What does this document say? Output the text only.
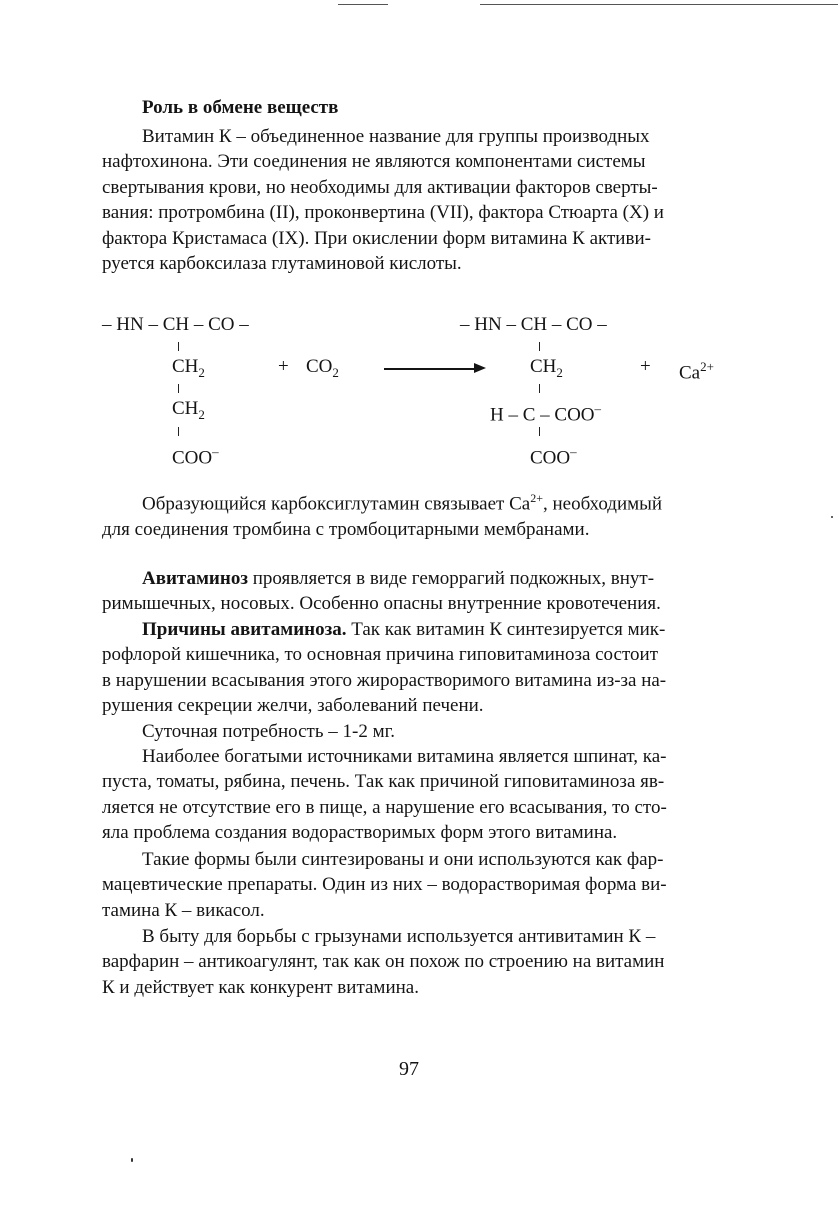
Роль в обмене веществ
Витамин К – объединенное название для группы производных
нафтохинона. Эти соединения не являются компонентами системы
свертывания крови, но необходимы для активации факторов сверты-
вания: протромбина (II), проконвертина (VII), фактора Стюарта (X) и
фактора Кристамаса (IX). При окислении форм витамина К активи-
руется карбоксилаза глутаминовой кислоты.
– HN – CH – CO –
$CH_2$
$CH_2$
COO–
+ $CO_2$
– HN – CH – CO –
$CH_2$
H – C – COO–
COO–
+ $Ca^{2+}$
Образующийся карбоксиглутамин связывает $Ca^{2+}$, необходимый
для соединения тромбина с тромбоцитарными мембранами.
Авитаминоз проявляется в виде геморрагий подкожных, внут-
римышечных, носовых. Особенно опасны внутренние кровотечения.
Причины авитаминоза. Так как витамин К синтезируется мик-
рофлорой кишечника, то основная причина гиповитаминоза состоит
в нарушении всасывания этого жирорастворимого витамина из-за на-
рушения секреции желчи, заболеваний печени.
Суточная потребность – 1-2 мг.
Наиболее богатыми источниками витамина является шпинат, ка-
пуста, томаты, рябина, печень. Так как причиной гиповитаминоза яв-
ляется не отсутствие его в пище, а нарушение его всасывания, то сто-
яла проблема создания водорастворимых форм этого витамина.
Такие формы были синтезированы и они используются как фар-
мацевтические препараты. Один из них – водорастворимая форма ви-
тамина К – викасол.
В быту для борьбы с грызунами используется антивитамин К –
варфарин – антикоагулянт, так как он похож по строению на витамин
К и действует как конкурент витамина.
97
